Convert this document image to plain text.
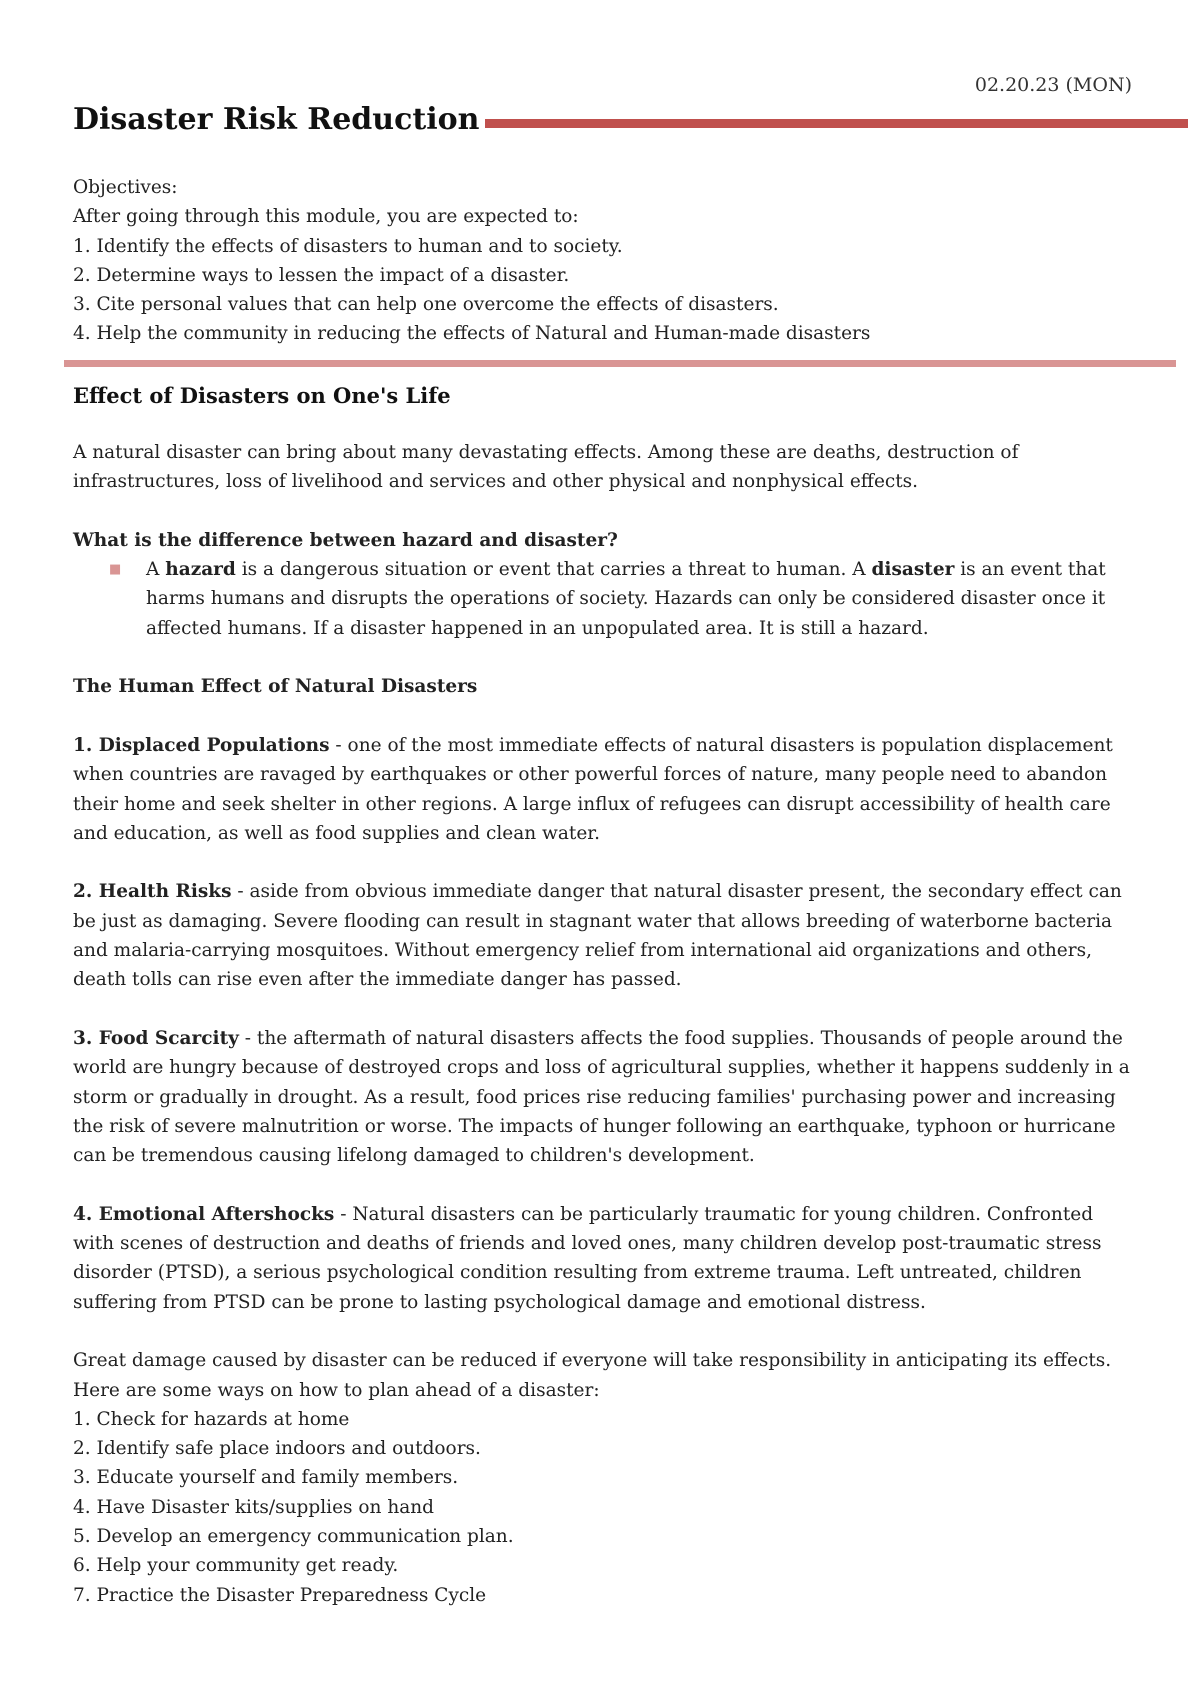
02.20.23 (MON)
Disaster Risk Reduction

Objectives:

After going through this module, you are expected to:

1. Identify the effects of disasters to human and to society.
2. Determine ways to lessen the impact of a disaster.
3. Cite personal values that can help one overcome the effects of disasters.
4. Help the community in reducing the effects of Natural and Human-made disasters
Effect of Disasters on One's Life

A natural disaster can bring about many devastating effects. Among these are deaths, destruction of infrastructures, loss of livelihood and services and other physical and nonphysical effects.

What is the difference between hazard and disaster?

■	A hazard is a dangerous situation or event that carries a threat to human. A disaster is an event that harms humans and disrupts the operations of society. Hazards can only be considered disaster once it affected humans. If a disaster happened in an unpopulated area. It is still a hazard.

The Human Effect of Natural Disasters

1. Displaced Populations - one of the most immediate effects of natural disasters is population displacement when countries are ravaged by earthquakes or other powerful forces of nature, many people need to abandon their home and seek shelter in other regions. A large influx of refugees can disrupt accessibility of health care and education, as well as food supplies and clean water.

2. Health Risks - aside from obvious immediate danger that natural disaster present, the secondary effect can be just as damaging. Severe flooding can result in stagnant water that allows breeding of waterborne bacteria and malaria-carrying mosquitoes. Without emergency relief from international aid organizations and others, death tolls can rise even after the immediate danger has passed.

3. Food Scarcity - the aftermath of natural disasters affects the food supplies. Thousands of people around the world are hungry because of destroyed crops and loss of agricultural supplies, whether it happens suddenly in a storm or gradually in drought. As a result, food prices rise reducing families' purchasing power and increasing the risk of severe malnutrition or worse. The impacts of hunger following an earthquake, typhoon or hurricane can be tremendous causing lifelong damaged to children's development.

4. Emotional Aftershocks - Natural disasters can be particularly traumatic for young children. Confronted with scenes of destruction and deaths of friends and loved ones, many children develop post-traumatic stress disorder (PTSD), a serious psychological condition resulting from extreme trauma. Left untreated, children suffering from PTSD can be prone to lasting psychological damage and emotional distress.

Great damage caused by disaster can be reduced if everyone will take responsibility in anticipating its effects.

Here are some ways on how to plan ahead of a disaster:

1. Check for hazards at home
2. Identify safe place indoors and outdoors.
3. Educate yourself and family members.
4. Have Disaster kits/supplies on hand
5. Develop an emergency communication plan.
6. Help your community get ready.
7. Practice the Disaster Preparedness Cycle
